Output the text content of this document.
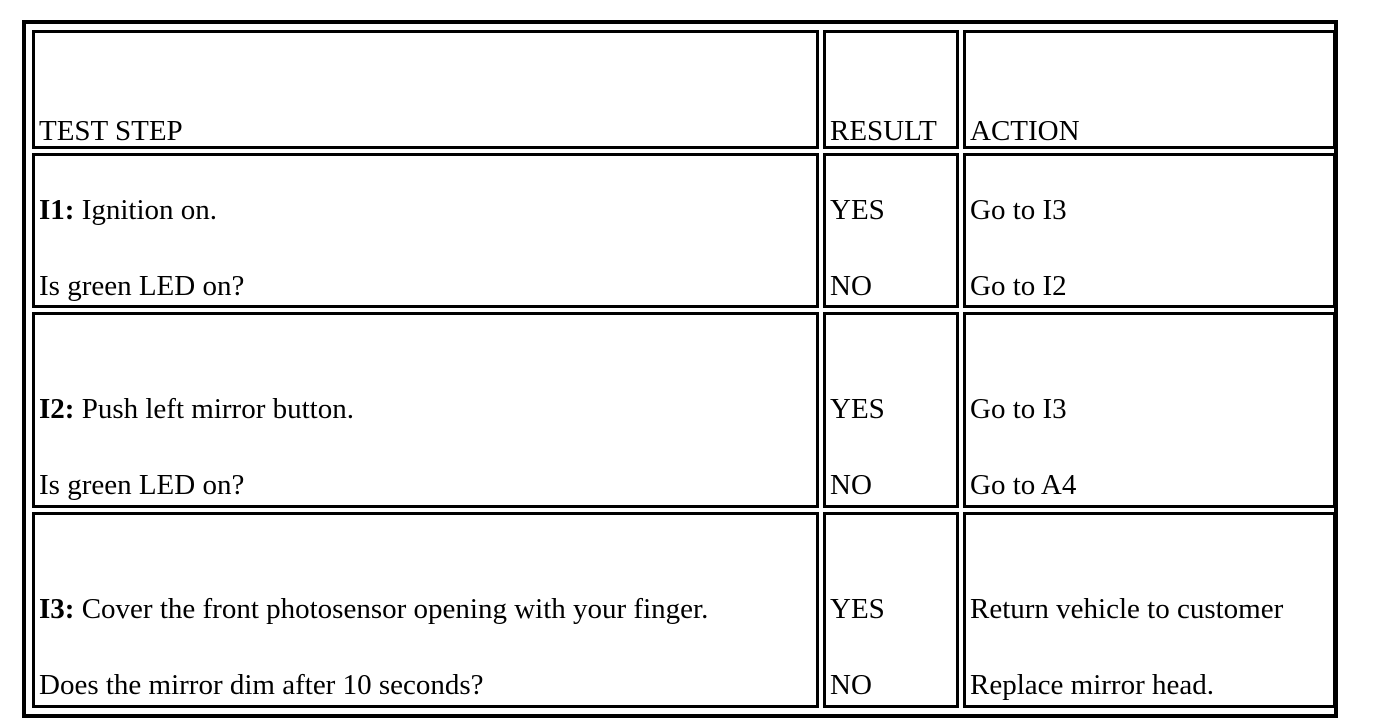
TEST STEP	RESULT ACTION
I1: Ignition on.
Is green LED on?
YES
NO
Go to I3
Go to I2
I2: Push left mirror button.
Is green LED on?
YES
NO
Go to I3
Go to A4
I3: Cover the front photosensor opening with your finger.
Does the mirror dim after 10 seconds?
YES
NO
Return vehicle to customer
Replace mirror head.
